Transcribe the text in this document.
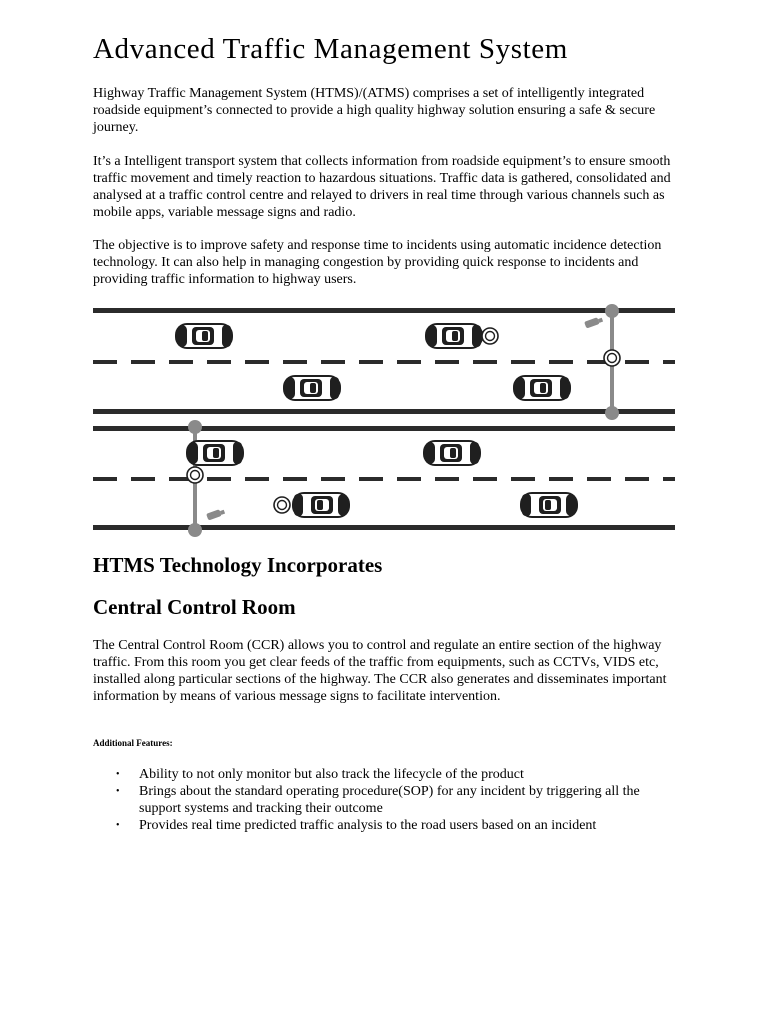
Advanced Traffic Management System

Highway Traffic Management System (HTMS)/(ATMS) comprises a set of intelligently integrated roadside equipment’s connected to provide a high quality highway solution ensuring a safe & secure journey.

It’s a Intelligent transport system that collects information from roadside equipment’s to ensure smooth traffic movement and timely reaction to hazardous situations. Traffic data is gathered, consolidated and analysed at a traffic control centre and relayed to drivers in real time through various channels such as mobile apps, variable message signs and radio.

The objective is to improve safety and response time to incidents using automatic incidence detection technology. It can also help in managing congestion by providing quick response to incidents and providing traffic information to highway users.

HTMS Technology Incorporates
Central Control Room

The Central Control Room (CCR) allows you to control and regulate an entire section of the highway traffic. From this room you get clear feeds of the traffic from equipments, such as CCTVs, VIDS etc, installed along particular sections of the highway. The CCR also generates and disseminates important information by means of various message signs to facilitate intervention.

Additional Features:
• Ability to not only monitor but also track the lifecycle of the product
• Brings about the standard operating procedure(SOP) for any incident by triggering all the support systems and tracking their outcome
• Provides real time predicted traffic analysis to the road users based on an incident
